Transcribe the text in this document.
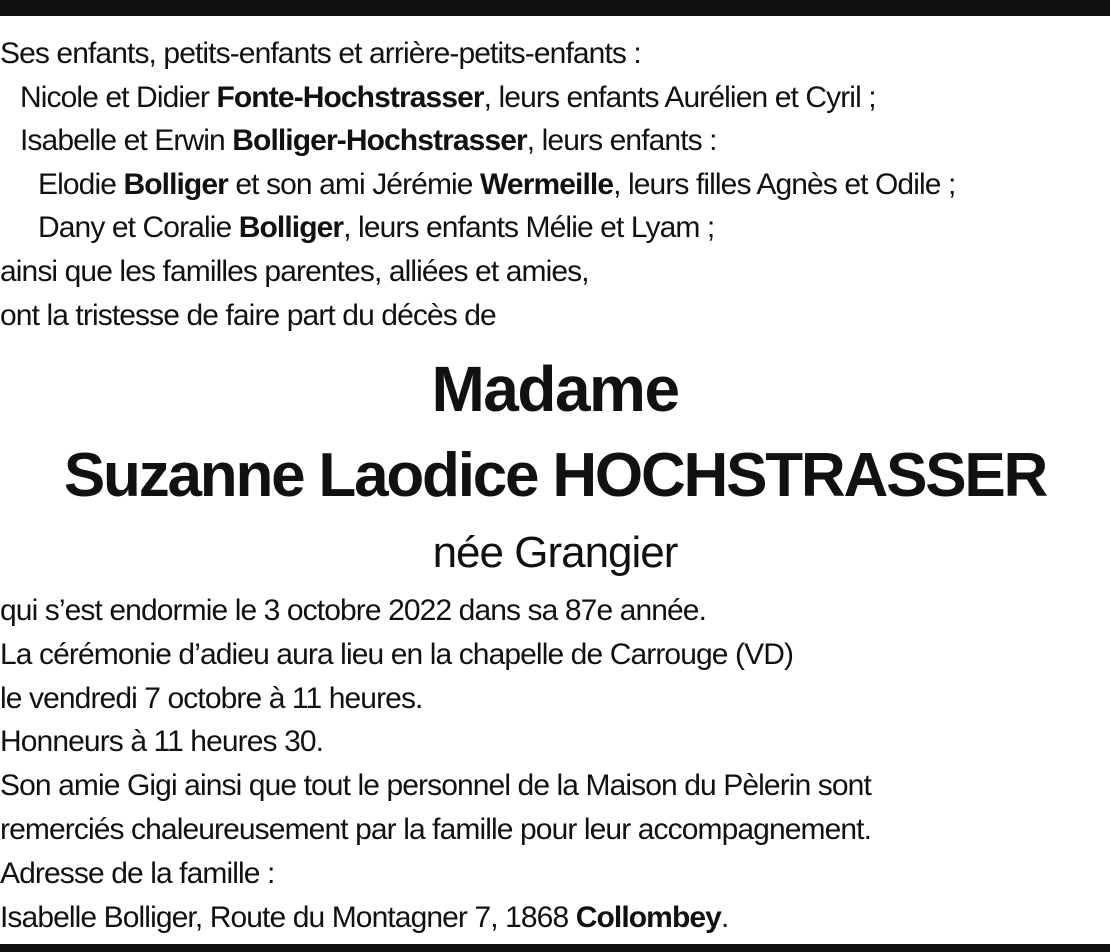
Ses enfants, petits-enfants et arrière-petits-enfants :
Nicole et Didier Fonte-Hochstrasser, leurs enfants Aurélien et Cyril ;
Isabelle et Erwin Bolliger-Hochstrasser, leurs enfants :
Elodie Bolliger et son ami Jérémie Wermeille, leurs filles Agnès et Odile ;
Dany et Coralie Bolliger, leurs enfants Mélie et Lyam ;
ainsi que les familles parentes, alliées et amies,
ont la tristesse de faire part du décès de
Madame
Suzanne Laodice HOCHSTRASSER
née Grangier
qui s’est endormie le 3 octobre 2022 dans sa 87e année.
La cérémonie d’adieu aura lieu en la chapelle de Carrouge (VD)
le vendredi 7 octobre à 11 heures.
Honneurs à 11 heures 30.
Son amie Gigi ainsi que tout le personnel de la Maison du Pèlerin sont
remerciés chaleureusement par la famille pour leur accompagnement.
Adresse de la famille :
Isabelle Bolliger, Route du Montagner 7, 1868 Collombey.
